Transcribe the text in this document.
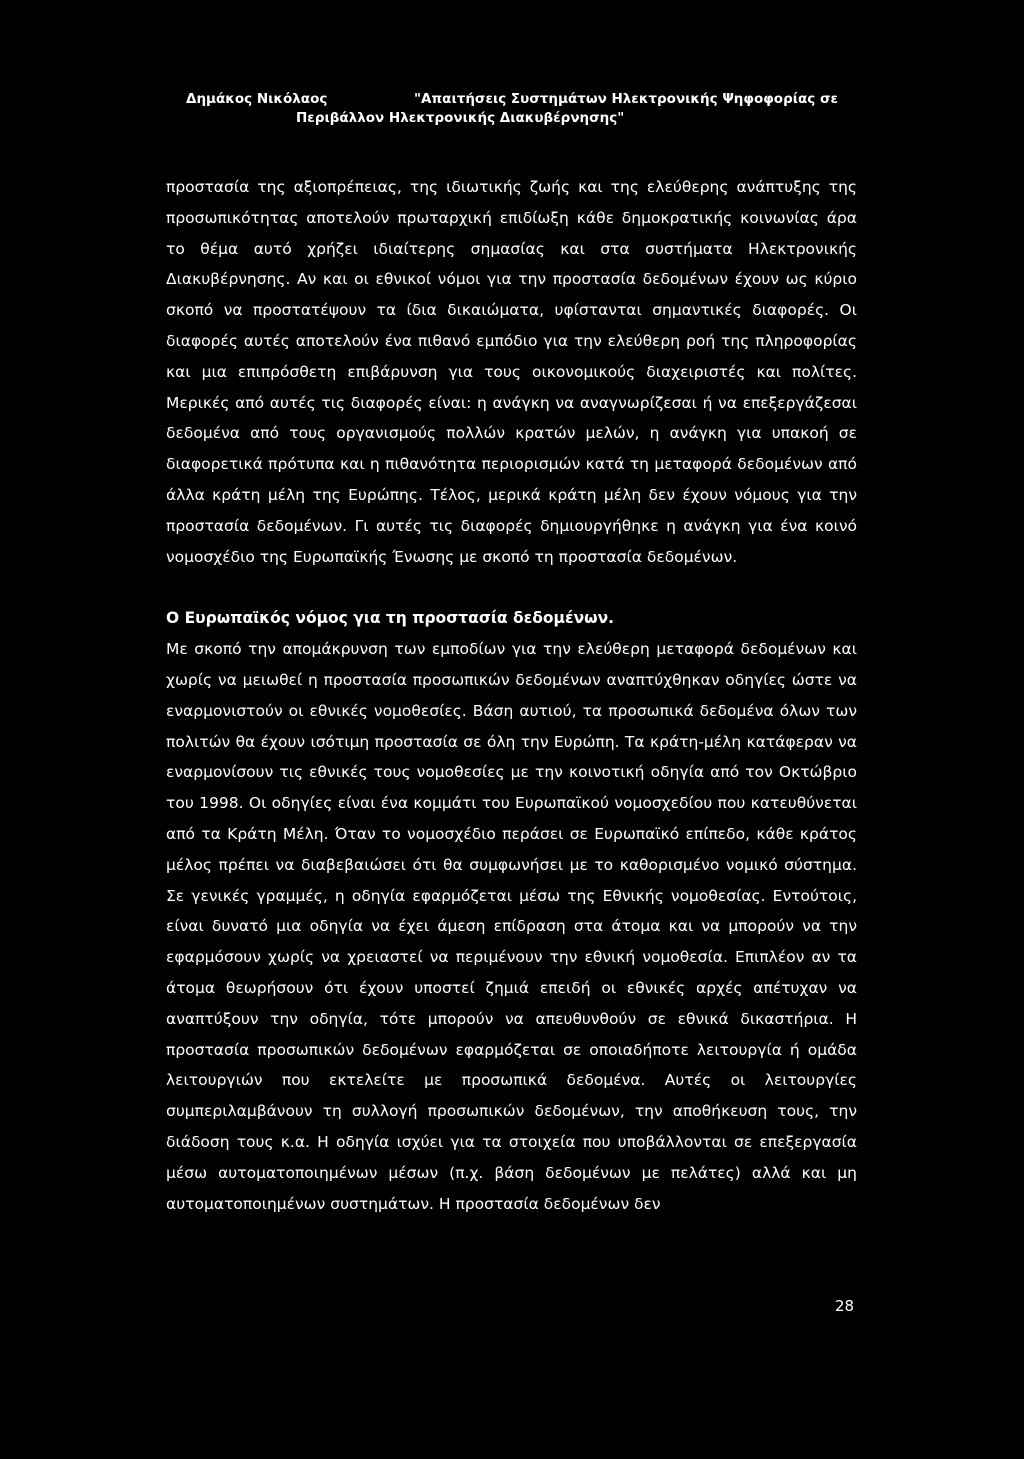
Δημάκος Νικόλαος	"Απαιτήσεις Συστημάτων Ηλεκτρονικής Ψηφοφορίας σε
Περιβάλλον Ηλεκτρονικής Διακυβέρνησης"

προστασία της αξιοπρέπειας, της ιδιωτικής ζωής και της ελεύθερης ανάπτυξης της προσωπικότητας αποτελούν πρωταρχική επιδίωξη κάθε δημοκρατικής κοινωνίας άρα το θέμα αυτό χρήζει ιδιαίτερης σημασίας και στα συστήματα Ηλεκτρονικής Διακυβέρνησης. Αν και οι εθνικοί νόμοι για την προστασία δεδομένων έχουν ως κύριο σκοπό να προστατέψουν τα ίδια δικαιώματα, υφίστανται σημαντικές διαφορές. Οι διαφορές αυτές αποτελούν ένα πιθανό εμπόδιο για την ελεύθερη ροή της πληροφορίας και μια επιπρόσθετη επιβάρυνση για τους οικονομικούς διαχειριστές και πολίτες. Μερικές από αυτές τις διαφορές είναι: η ανάγκη να αναγνωρίζεσαι ή να επεξεργάζεσαι δεδομένα από τους οργανισμούς πολλών κρατών μελών, η ανάγκη για υπακοή σε διαφορετικά πρότυπα και η πιθανότητα περιορισμών κατά τη μεταφορά δεδομένων από άλλα κράτη μέλη της Ευρώπης. Τέλος, μερικά κράτη μέλη δεν έχουν νόμους για την προστασία δεδομένων. Γι αυτές τις διαφορές δημιουργήθηκε η ανάγκη για ένα κοινό νομοσχέδιο της Ευρωπαϊκής Ένωσης με σκοπό τη προστασία δεδομένων.

Ο Ευρωπαϊκός νόμος για τη προστασία δεδομένων.

Με σκοπό την απομάκρυνση των εμποδίων για την ελεύθερη μεταφορά δεδομένων και χωρίς να μειωθεί η προστασία προσωπικών δεδομένων αναπτύχθηκαν οδηγίες ώστε να εναρμονιστούν οι εθνικές νομοθεσίες. Βάση αυτιού, τα προσωπικά δεδομένα όλων των πολιτών θα έχουν ισότιμη προστασία σε όλη την Ευρώπη. Τα κράτη-μέλη κατάφεραν να εναρμονίσουν τις εθνικές τους νομοθεσίες με την κοινοτική οδηγία από τον Οκτώβριο του 1998. Οι οδηγίες είναι ένα κομμάτι του Ευρωπαϊκού νομοσχεδίου που κατευθύνεται από τα Κράτη Μέλη. Όταν το νομοσχέδιο περάσει σε Ευρωπαϊκό επίπεδο, κάθε κράτος μέλος πρέπει να διαβεβαιώσει ότι θα συμφωνήσει με το καθορισμένο νομικό σύστημα. Σε γενικές γραμμές, η οδηγία εφαρμόζεται μέσω της Εθνικής νομοθεσίας. Εντούτοις, είναι δυνατό μια οδηγία να έχει άμεση επίδραση στα άτομα και να μπορούν να την εφαρμόσουν χωρίς να χρειαστεί να περιμένουν την εθνική νομοθεσία. Επιπλέον αν τα άτομα θεωρήσουν ότι έχουν υποστεί ζημιά επειδή οι εθνικές αρχές απέτυχαν να αναπτύξουν την οδηγία, τότε μπορούν να απευθυνθούν σε εθνικά δικαστήρια. Η προστασία προσωπικών δεδομένων εφαρμόζεται σε οποιαδήποτε λειτουργία ή ομάδα λειτουργιών που εκτελείτε με προσωπικά δεδομένα. Αυτές οι λειτουργίες συμπεριλαμβάνουν τη συλλογή προσωπικών δεδομένων, την αποθήκευση τους, την διάδοση τους κ.α. Η οδηγία ισχύει για τα στοιχεία που υποβάλλονται σε επεξεργασία μέσω αυτοματοποιημένων μέσων (π.χ. βάση δεδομένων με πελάτες) αλλά και μη αυτοματοποιημένων συστημάτων. Η προστασία δεδομένων δεν

28
